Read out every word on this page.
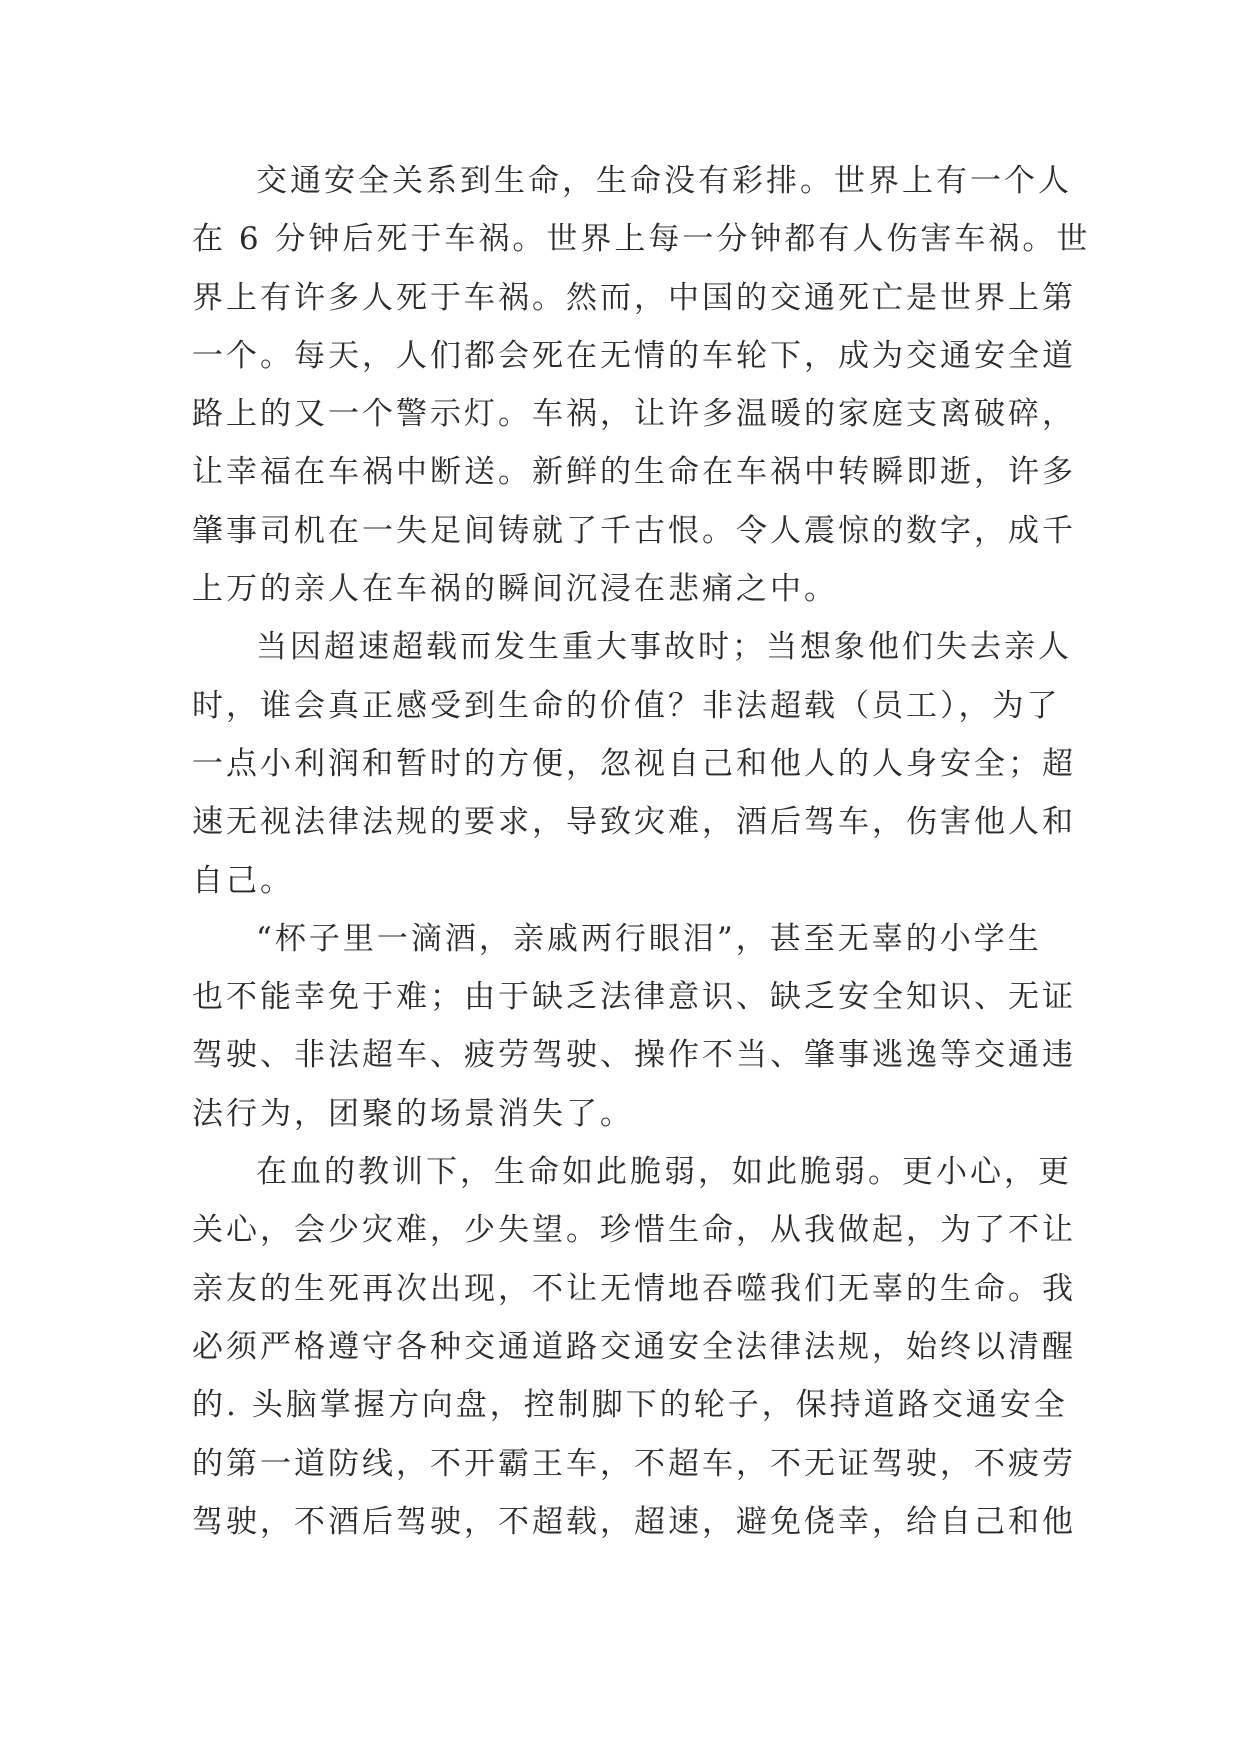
交通安全关系到生命，生命没有彩排。世界上有一个人
在 6 分钟后死于车祸。世界上每一分钟都有人伤害车祸。世
界上有许多人死于车祸。然而，中国的交通死亡是世界上第
一个。每天，人们都会死在无情的车轮下，成为交通安全道
路上的又一个警示灯。车祸，让许多温暖的家庭支离破碎，
让幸福在车祸中断送。新鲜的生命在车祸中转瞬即逝，许多
肇事司机在一失足间铸就了千古恨。令人震惊的数字，成千
上万的亲人在车祸的瞬间沉浸在悲痛之中。
当因超速超载而发生重大事故时；当想象他们失去亲人
时，谁会真正感受到生命的价值？非法超载（员工），为了
一点小利润和暂时的方便，忽视自己和他人的人身安全；超
速无视法律法规的要求，导致灾难，酒后驾车，伤害他人和
自己。
“杯子里一滴酒，亲戚两行眼泪”，甚至无辜的小学生
也不能幸免于难；由于缺乏法律意识、缺乏安全知识、无证
驾驶、非法超车、疲劳驾驶、操作不当、肇事逃逸等交通违
法行为，团聚的场景消失了。
在血的教训下，生命如此脆弱，如此脆弱。更小心，更
关心，会少灾难，少失望。珍惜生命，从我做起，为了不让
亲友的生死再次出现，不让无情地吞噬我们无辜的生命。我
必须严格遵守各种交通道路交通安全法律法规，始终以清醒
的. 头脑掌握方向盘，控制脚下的轮子，保持道路交通安全
的第一道防线，不开霸王车，不超车，不无证驾驶，不疲劳
驾驶，不酒后驾驶，不超载，超速，避免侥幸，给自己和他
